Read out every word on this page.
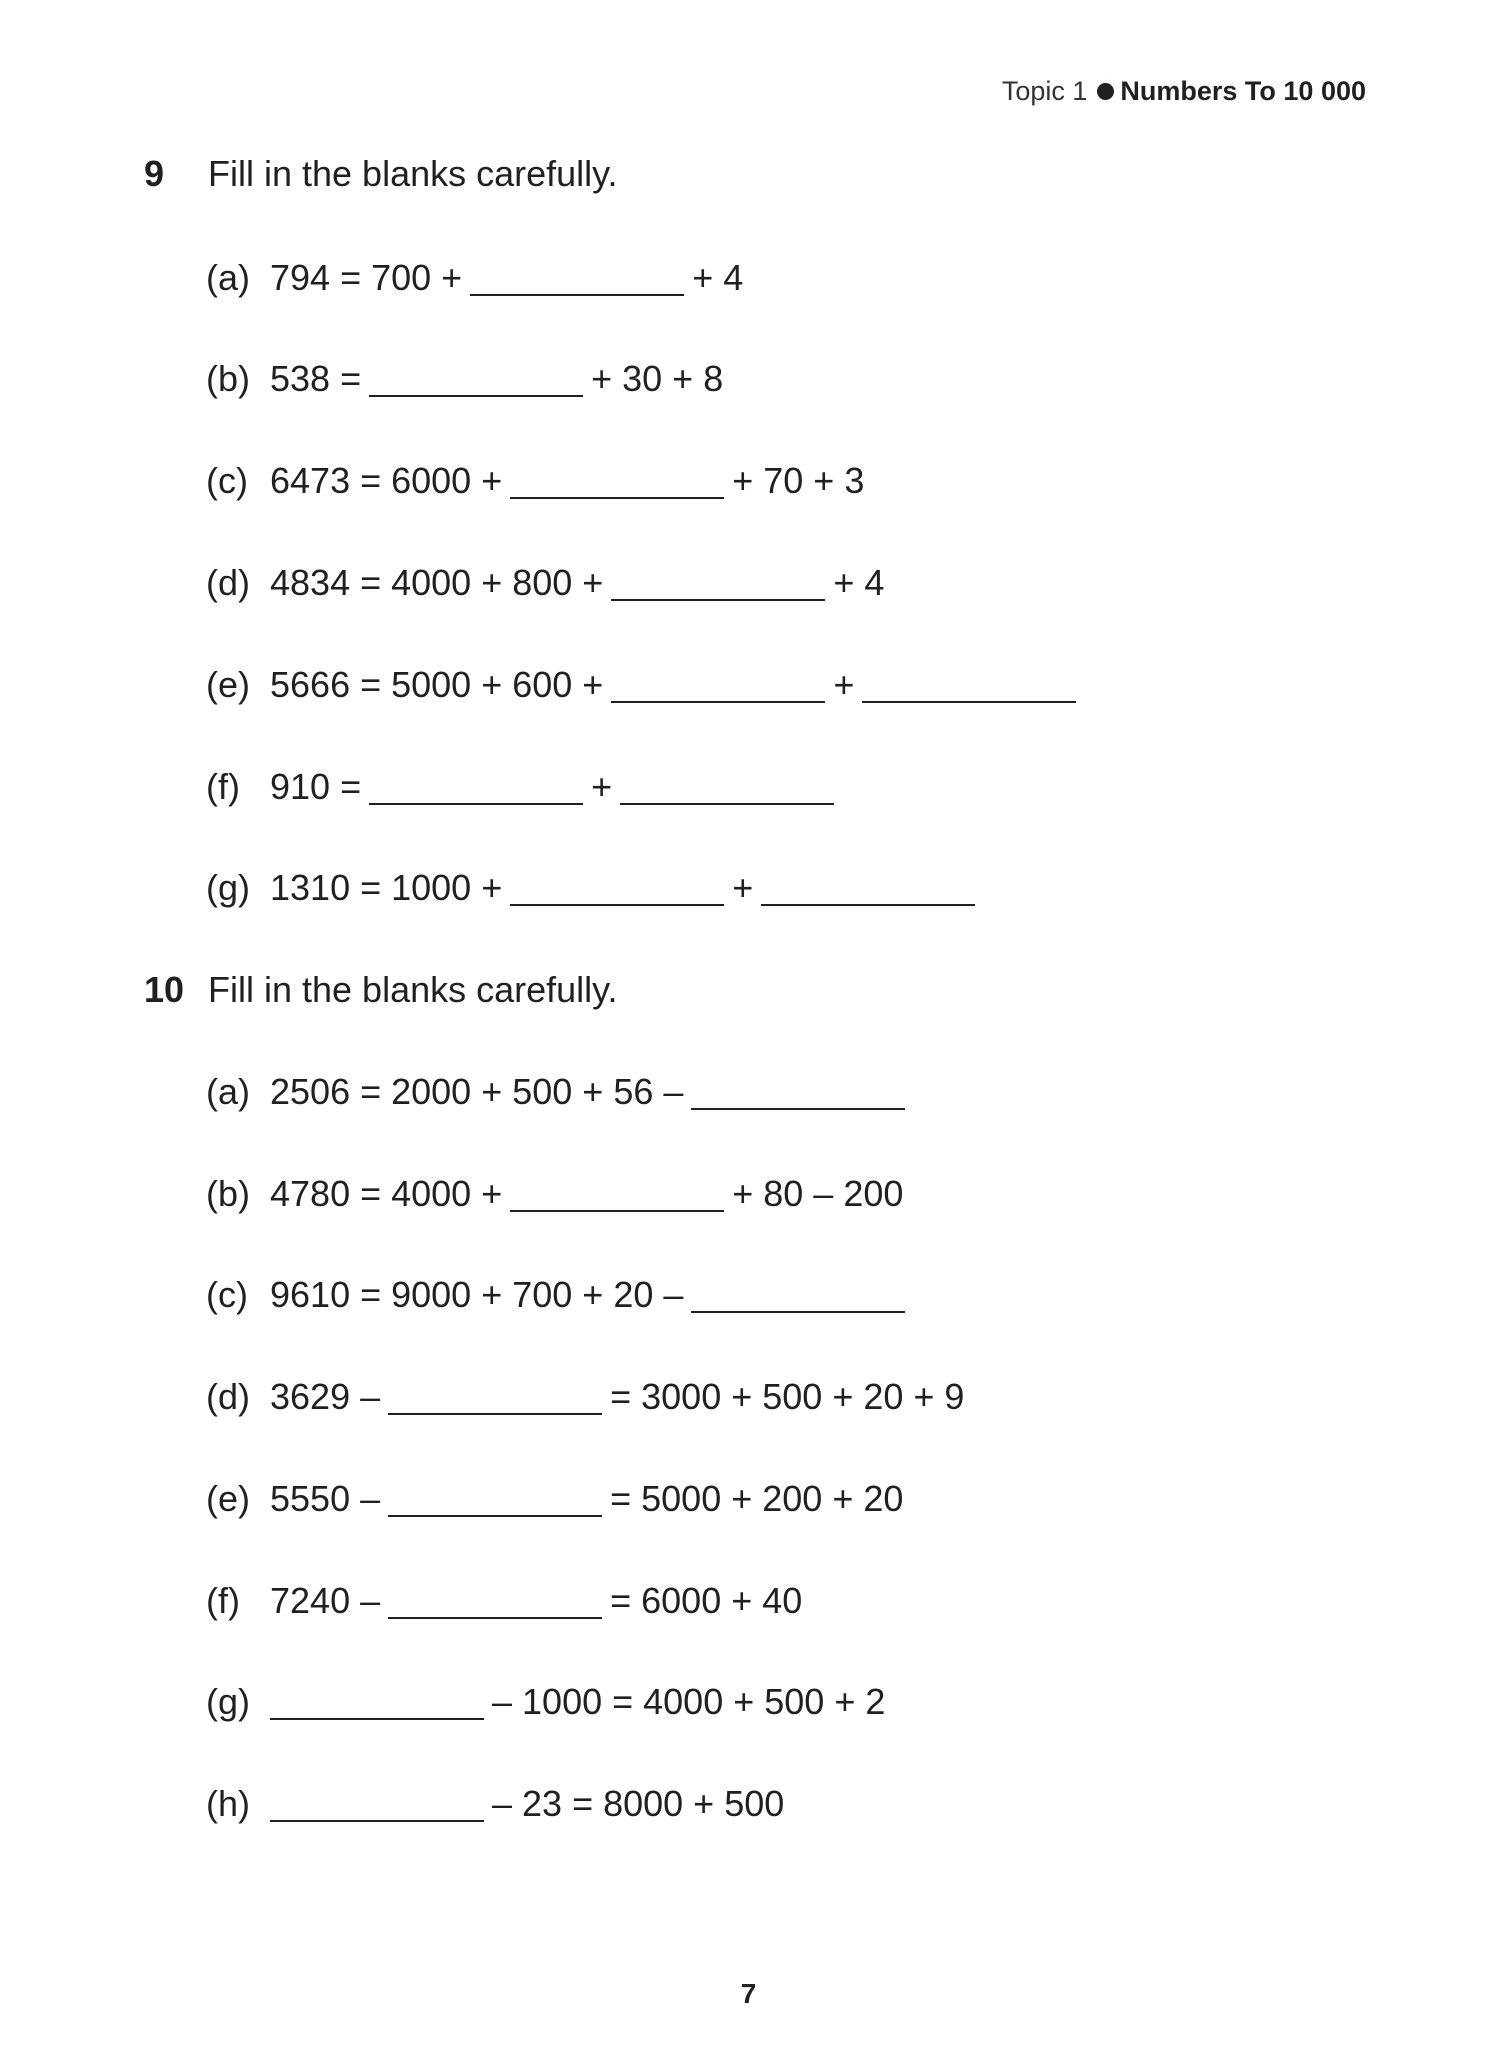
Topic 1 Numbers To 10 000
9 Fill in the blanks carefully.
(a) 794 = 700 +	+ 4
(b) 538 =	+ 30 + 8
(c) 6473 = 6000 +	+ 70 + 3
(d) 4834 = 4000 + 800 +	+ 4
(e) 5666 = 5000 + 600 +	+
(f) 910 =	+
(g) 1310 = 1000 +	+
10 Fill in the blanks carefully.
(a) 2506 = 2000 + 500 + 56 –
(b) 4780 = 4000 +	+ 80 – 200
(c) 9610 = 9000 + 700 + 20 –
(d) 3629 –	= 3000 + 500 + 20 + 9
(e) 5550 –	= 5000 + 200 + 20
(f) 7240 –	= 6000 + 40
(g)	– 1000 = 4000 + 500 + 2
(h)	– 23 = 8000 + 500
7
